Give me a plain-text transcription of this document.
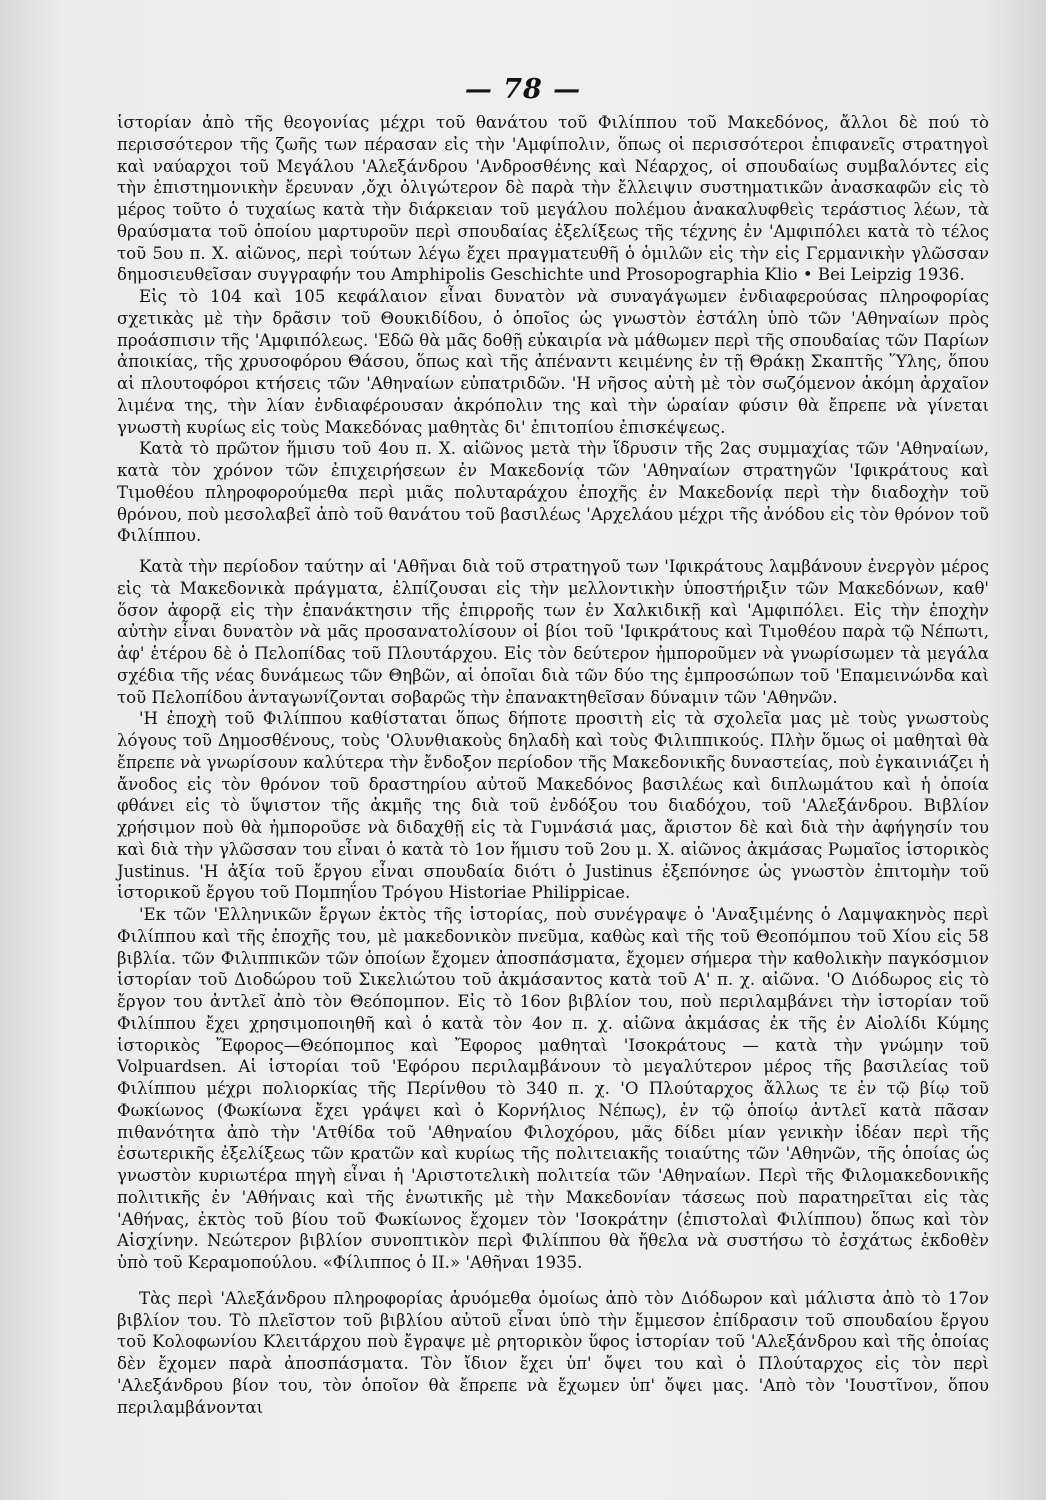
— 78 —

ἱστορίαν ἀπὸ τῆς θεογονίας μέχρι τοῦ θανάτου τοῦ Φιλίππου τοῦ Μακεδόνος, ἄλλοι δὲ πού τὸ περισσότερον τῆς ζωῆς των πέρασαν εἰς τὴν 'Αμφίπολιν, ὅπως οἱ περισσότεροι ἐπιφανεῖς στρατηγοὶ καὶ ναύαρχοι τοῦ Μεγάλου 'Αλεξάνδρου 'Ανδροσθένης καὶ Νέαρχος, οἱ σπουδαίως συμβαλόντες εἰς τὴν ἐπιστημονικὴν ἔρευναν ,ὄχι ὀλιγώτερον δὲ παρὰ τὴν ἔλλειψιν συστηματικῶν ἀνασκαφῶν εἰς τὸ μέρος τοῦτο ὁ τυχαίως κατὰ τὴν διάρκειαν τοῦ μεγάλου πολέμου ἀνακαλυφθεὶς τεράστιος λέων, τὰ θραύσματα τοῦ ὁποίου μαρτυροῦν περὶ σπουδαίας ἐξελίξεως τῆς τέχνης ἐν 'Αμφιπόλει κατὰ τὸ τέλος τοῦ 5ου π. Χ. αἰῶνος, περὶ τούτων λέγω ἔχει πραγματευθῆ ὁ ὁμιλῶν εἰς τὴν εἰς Γερμανικὴν γλῶσσαν δημοσιευθεῖσαν συγγραφήν του Amphipolis Geschichte und Prosopographia Klio • Bei Leipzig 1936.

Εἰς τὸ 104 καὶ 105 κεφάλαιον εἶναι δυνατὸν νὰ συναγάγωμεν ἐνδιαφερούσας πληροφορίας σχετικὰς μὲ τὴν δρᾶσιν τοῦ Θουκιδίδου, ὁ ὁποῖος ὡς γνωστὸν ἐστάλη ὑπὸ τῶν 'Αθηναίων πρὸς προάσπισιν τῆς 'Αμφιπόλεως. 'Εδῶ θὰ μᾶς δοθῇ εὐκαιρία νὰ μάθωμεν περὶ τῆς σπουδαίας τῶν Παρίων ἀποικίας, τῆς χρυσοφόρου Θάσου, ὅπως καὶ τῆς ἀπέναντι κειμένης ἐν τῇ Θράκῃ Σκαπτῆς Ὕλης, ὅπου αἱ πλουτοφόροι κτήσεις τῶν 'Αθηναίων εὐπατριδῶν. 'Η νῆσος αὐτὴ μὲ τὸν σωζόμενον ἀκόμη ἀρχαῖον λιμένα της, τὴν λίαν ἐνδιαφέρουσαν ἀκρόπολιν της καὶ τὴν ὡραίαν φύσιν θὰ ἔπρεπε νὰ γίνεται γνωστὴ κυρίως εἰς τοὺς Μακεδόνας μαθητὰς δι' ἐπιτοπίου ἐπισκέψεως.

Κατὰ τὸ πρῶτον ἥμισυ τοῦ 4ου π. Χ. αἰῶνος μετὰ τὴν ἵδρυσιν τῆς 2ας συμμαχίας τῶν 'Αθηναίων, κατὰ τὸν χρόνον τῶν ἐπιχειρήσεων ἐν Μακεδονίᾳ τῶν 'Αθηναίων στρατηγῶν 'Ιφικράτους καὶ Τιμοθέου πληροφορούμεθα περὶ μιᾶς πολυταράχου ἐποχῆς ἐν Μακεδονίᾳ περὶ τὴν διαδοχὴν τοῦ θρόνου, ποὺ μεσολαβεῖ ἀπὸ τοῦ θανάτου τοῦ βασιλέως 'Αρχελάου μέχρι τῆς ἀνόδου εἰς τὸν θρόνον τοῦ Φιλίππου.

Κατὰ τὴν περίοδον ταύτην αἱ 'Αθῆναι διὰ τοῦ στρατηγοῦ των 'Ιφικράτους λαμβάνουν ἐνεργὸν μέρος εἰς τὰ Μακεδονικὰ πράγματα, ἐλπίζουσαι εἰς τὴν μελλοντικὴν ὑποστήριξιν τῶν Μακεδόνων, καθ' ὅσον ἀφορᾷ εἰς τὴν ἐπανάκτησιν τῆς ἐπιρροῆς των ἐν Χαλκιδικῇ καὶ 'Αμφιπόλει. Εἰς τὴν ἐποχὴν αὐτὴν εἶναι δυνατὸν νὰ μᾶς προσανατολίσουν οἱ βίοι τοῦ 'Ιφικράτους καὶ Τιμοθέου παρὰ τῷ Νέπωτι, ἀφ' ἑτέρου δὲ ὁ Πελοπίδας τοῦ Πλουτάρχου. Εἰς τὸν δεύτερον ἠμποροῦμεν νὰ γνωρίσωμεν τὰ μεγάλα σχέδια τῆς νέας δυνάμεως τῶν Θηβῶν, αἱ ὁποῖαι διὰ τῶν δύο της ἐμπροσώπων τοῦ 'Επαμεινώνδα καὶ τοῦ Πελοπίδου ἀνταγωνίζονται σοβαρῶς τὴν ἐπανακτηθεῖσαν δύναμιν τῶν 'Αθηνῶν.

'Η ἐποχὴ τοῦ Φιλίππου καθίσταται ὅπως δήποτε προσιτὴ εἰς τὰ σχολεῖα μας μὲ τοὺς γνωστοὺς λόγους τοῦ Δημοσθένους, τοὺς 'Ολυνθιακοὺς δηλαδὴ καὶ τοὺς Φιλιππικούς. Πλὴν ὅμως οἱ μαθηταὶ θὰ ἔπρεπε νὰ γνωρίσουν καλύτερα τὴν ἔνδοξον περίοδον τῆς Μακεδονικῆς δυναστείας, ποὺ ἐγκαινιάζει ἡ ἄνοδος εἰς τὸν θρόνον τοῦ δραστηρίου αὐτοῦ Μακεδόνος βασιλέως καὶ διπλωμάτου καὶ ἡ ὁποία φθάνει εἰς τὸ ὕψιστον τῆς ἀκμῆς της διὰ τοῦ ἐνδόξου του διαδόχου, τοῦ 'Αλεξάνδρου. Βιβλίον χρήσιμον ποὺ θὰ ἠμποροῦσε νὰ διδαχθῇ εἰς τὰ Γυμνάσιά μας, ἄριστον δὲ καὶ διὰ τὴν ἀφήγησίν του καὶ διὰ τὴν γλῶσσαν του εἶναι ὁ κατὰ τὸ 1ον ἥμισυ τοῦ 2ου μ. Χ. αἰῶνος ἀκμάσας Ρωμαῖος ἱστορικὸς Justinus. 'Η ἀξία τοῦ ἔργου εἶναι σπουδαία διότι ὁ Justinus ἐξεπόνησε ὡς γνωστὸν ἐπιτομὴν τοῦ ἱστορικοῦ ἔργου τοῦ Πομπηΐου Τρόγου Historiae Philippicae.

'Εκ τῶν 'Ελληνικῶν ἔργων ἐκτὸς τῆς ἱστορίας, ποὺ συνέγραψε ὁ 'Αναξιμένης ὁ Λαμψακηνὸς περὶ Φιλίππου καὶ τῆς ἐποχῆς του, μὲ μακεδονικὸν πνεῦμα, καθὼς καὶ τῆς τοῦ Θεοπόμπου τοῦ Χίου εἰς 58 βιβλία. τῶν Φιλιππικῶν τῶν ὁποίων ἔχομεν ἀποσπάσματα, ἔχομεν σήμερα τὴν καθολικὴν παγκόσμιον ἱστορίαν τοῦ Διοδώρου τοῦ Σικελιώτου τοῦ ἀκμάσαντος κατὰ τοῦ Α' π. χ. αἰῶνα. 'Ο Διόδωρος εἰς τὸ ἔργον του ἀντλεῖ ἀπὸ τὸν Θεόπομπον. Εἰς τὸ 16ον βιβλίον του, ποὺ περιλαμβάνει τὴν ἱστορίαν τοῦ Φιλίππου ἔχει χρησιμοποιηθῆ καὶ ὁ κατὰ τὸν 4ον π. χ. αἰῶνα ἀκμάσας ἐκ τῆς ἐν Αἰολίδι Κύμης ἱστορικὸς Ἔφορος—Θεόπομπος καὶ Ἔφορος μαθηταὶ 'Ισοκράτους — κατὰ τὴν γνώμην τοῦ Volpuardsen. Αἱ ἱστορίαι τοῦ 'Εφόρου περιλαμβάνουν τὸ μεγαλύτερον μέρος τῆς βασιλείας τοῦ Φιλίππου μέχρι πολιορκίας τῆς Περίνθου τὸ 340 π. χ. 'Ο Πλούταρχος ἄλλως τε ἐν τῷ βίῳ τοῦ Φωκίωνος (Φωκίωνα ἔχει γράψει καὶ ὁ Κορνήλιος Νέπως), ἐν τῷ ὁποίῳ ἀντλεῖ κατὰ πᾶσαν πιθανότητα ἀπὸ τὴν 'Ατθίδα τοῦ 'Αθηναίου Φιλοχόρου, μᾶς δίδει μίαν γενικὴν ἰδέαν περὶ τῆς ἐσωτερικῆς ἐξελίξεως τῶν κρατῶν καὶ κυρίως τῆς πολιτειακῆς τοιαύτης τῶν 'Αθηνῶν, τῆς ὁποίας ὡς γνωστὸν κυριωτέρα πηγὴ εἶναι ἡ 'Αριστοτελικὴ πολιτεία τῶν 'Αθηναίων. Περὶ τῆς Φιλομακεδονικῆς πολιτικῆς ἐν 'Αθήναις καὶ τῆς ἑνωτικῆς μὲ τὴν Μακεδονίαν τάσεως ποὺ παρατηρεῖται εἰς τὰς 'Αθήνας, ἐκτὸς τοῦ βίου τοῦ Φωκίωνος ἔχομεν τὸν 'Ισοκράτην (ἐπιστολαὶ Φιλίππου) ὅπως καὶ τὸν Αἰσχίνην. Νεώτερον βιβλίον συνοπτικὸν περὶ Φιλίππου θὰ ἤθελα νὰ συστήσω τὸ ἐσχάτως ἐκδοθὲν ὑπὸ τοῦ Κεραμοπούλου. «Φίλιππος ὁ ΙΙ.» 'Αθῆναι 1935.

Τὰς περὶ 'Αλεξάνδρου πληροφορίας ἀρυόμεθα ὁμοίως ἀπὸ τὸν Διόδωρον καὶ μάλιστα ἀπὸ τὸ 17ον βιβλίον του. Τὸ πλεῖστον τοῦ βιβλίου αὐτοῦ εἶναι ὑπὸ τὴν ἔμμεσον ἐπίδρασιν τοῦ σπουδαίου ἔργου τοῦ Κολοφωνίου Κλειτάρχου ποὺ ἔγραψε μὲ ρητορικὸν ὕφος ἱστορίαν τοῦ 'Αλεξάνδρου καὶ τῆς ὁποίας δὲν ἔχομεν παρὰ ἀποσπάσματα. Τὸν ἴδιον ἔχει ὑπ' ὄψει του καὶ ὁ Πλούταρχος εἰς τὸν περὶ 'Αλεξάνδρου βίον του, τὸν ὁποῖον θὰ ἔπρεπε νὰ ἔχωμεν ὑπ' ὄψει μας. 'Απὸ τὸν 'Ιουστῖνον, ὅπου περιλαμβάνονται
